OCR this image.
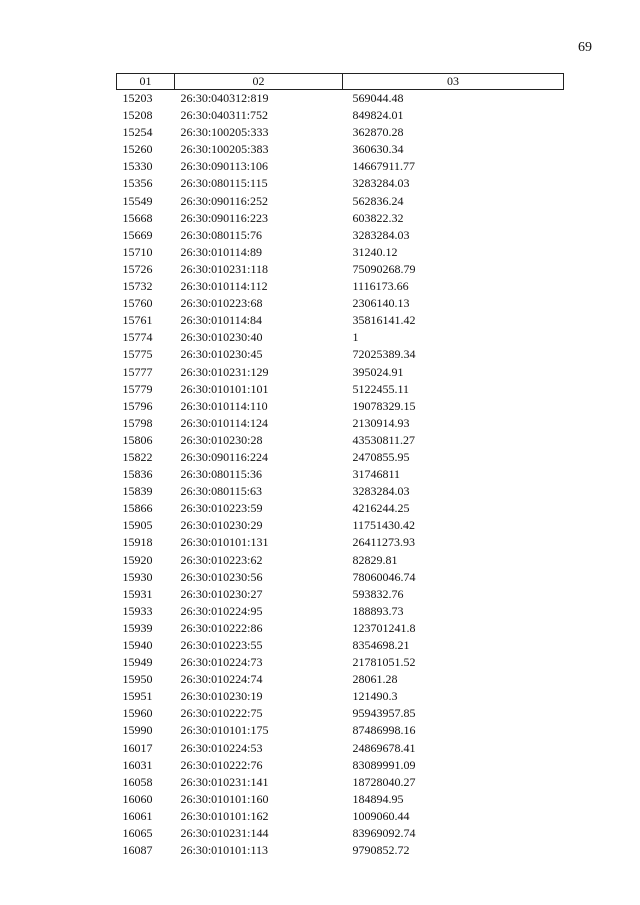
69
01	02	03
15203	26:30:040312:819	569044.48
15208	26:30:040311:752	849824.01
15254	26:30:100205:333	362870.28
15260	26:30:100205:383	360630.34
15330	26:30:090113:106	14667911.77
15356	26:30:080115:115	3283284.03
15549	26:30:090116:252	562836.24
15668	26:30:090116:223	603822.32
15669	26:30:080115:76	3283284.03
15710	26:30:010114:89	31240.12
15726	26:30:010231:118	75090268.79
15732	26:30:010114:112	1116173.66
15760	26:30:010223:68	2306140.13
15761	26:30:010114:84	35816141.42
15774	26:30:010230:40	1
15775	26:30:010230:45	72025389.34
15777	26:30:010231:129	395024.91
15779	26:30:010101:101	5122455.11
15796	26:30:010114:110	19078329.15
15798	26:30:010114:124	2130914.93
15806	26:30:010230:28	43530811.27
15822	26:30:090116:224	2470855.95
15836	26:30:080115:36	31746811
15839	26:30:080115:63	3283284.03
15866	26:30:010223:59	4216244.25
15905	26:30:010230:29	11751430.42
15918	26:30:010101:131	26411273.93
15920	26:30:010223:62	82829.81
15930	26:30:010230:56	78060046.74
15931	26:30:010230:27	593832.76
15933	26:30:010224:95	188893.73
15939	26:30:010222:86	123701241.8
15940	26:30:010223:55	8354698.21
15949	26:30:010224:73	21781051.52
15950	26:30:010224:74	28061.28
15951	26:30:010230:19	121490.3
15960	26:30:010222:75	95943957.85
15990	26:30:010101:175	87486998.16
16017	26:30:010224:53	24869678.41
16031	26:30:010222:76	83089991.09
16058	26:30:010231:141	18728040.27
16060	26:30:010101:160	184894.95
16061	26:30:010101:162	1009060.44
16065	26:30:010231:144	83969092.74
16087	26:30:010101:113	9790852.72
